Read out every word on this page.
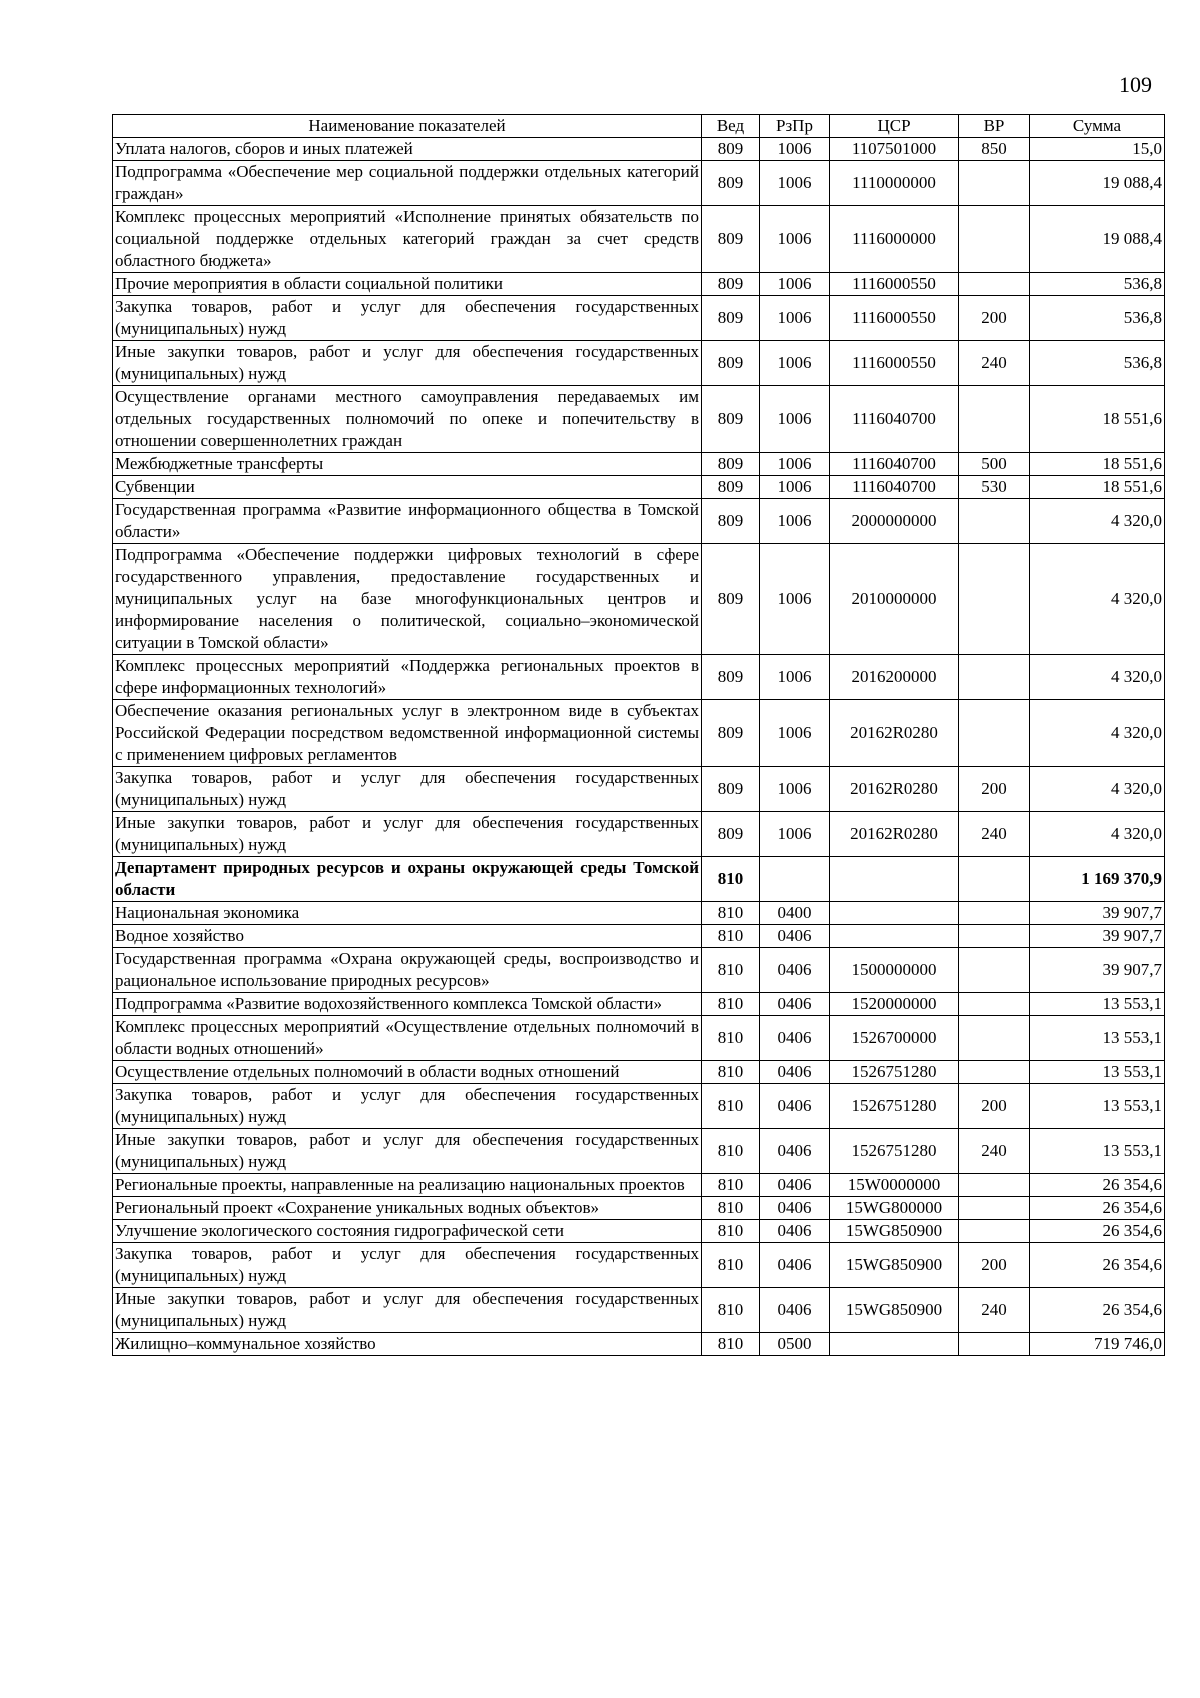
109
Наименование показателей	Вед	РзПр	ЦСР	ВР	Сумма
Уплата налогов, сборов и иных платежей	809	1006	1107501000	850	15,0
Подпрограмма «Обеспечение мер социальной поддержки отдельных категорий граждан»	809	1006	1110000000		19 088,4
Комплекс процессных мероприятий «Исполнение принятых обязательств по социальной поддержке отдельных категорий граждан за счет средств областного бюджета»	809	1006	1116000000		19 088,4
Прочие мероприятия в области социальной политики	809	1006	1116000550		536,8
Закупка товаров, работ и услуг для обеспечения государственных (муниципальных) нужд	809	1006	1116000550	200	536,8
Иные закупки товаров, работ и услуг для обеспечения государственных (муниципальных) нужд	809	1006	1116000550	240	536,8
Осуществление органами местного самоуправления передаваемых им отдельных государственных полномочий по опеке и попечительству в отношении совершеннолетних граждан	809	1006	1116040700		18 551,6
Межбюджетные трансферты	809	1006	1116040700	500	18 551,6
Субвенции	809	1006	1116040700	530	18 551,6
Государственная программа «Развитие информационного общества в Томской области»	809	1006	2000000000		4 320,0
Подпрограмма «Обеспечение поддержки цифровых технологий в сфере государственного управления, предоставление государственных и муниципальных услуг на базе многофункциональных центров и информирование населения о политической, социально–экономической ситуации в Томской области»	809	1006	2010000000		4 320,0
Комплекс процессных мероприятий «Поддержка региональных проектов в сфере информационных технологий»	809	1006	2016200000		4 320,0
Обеспечение оказания региональных услуг в электронном виде в субъектах Российской Федерации посредством ведомственной информационной системы с применением цифровых регламентов	809	1006	20162R0280		4 320,0
Закупка товаров, работ и услуг для обеспечения государственных (муниципальных) нужд	809	1006	20162R0280	200	4 320,0
Иные закупки товаров, работ и услуг для обеспечения государственных (муниципальных) нужд	809	1006	20162R0280	240	4 320,0
Департамент природных ресурсов и охраны окружающей среды Томской области	810				1 169 370,9
Национальная экономика	810	0400			39 907,7
Водное хозяйство	810	0406			39 907,7
Государственная программа «Охрана окружающей среды, воспроизводство и рациональное использование природных ресурсов»	810	0406	1500000000		39 907,7
Подпрограмма «Развитие водохозяйственного комплекса Томской области»	810	0406	1520000000		13 553,1
Комплекс процессных мероприятий «Осуществление отдельных полномочий в области водных отношений»	810	0406	1526700000		13 553,1
Осуществление отдельных полномочий в области водных отношений	810	0406	1526751280		13 553,1
Закупка товаров, работ и услуг для обеспечения государственных (муниципальных) нужд	810	0406	1526751280	200	13 553,1
Иные закупки товаров, работ и услуг для обеспечения государственных (муниципальных) нужд	810	0406	1526751280	240	13 553,1
Региональные проекты, направленные на реализацию национальных проектов	810	0406	15W0000000		26 354,6
Региональный проект «Сохранение уникальных водных объектов»	810	0406	15WG800000		26 354,6
Улучшение экологического состояния гидрографической сети	810	0406	15WG850900		26 354,6
Закупка товаров, работ и услуг для обеспечения государственных (муниципальных) нужд	810	0406	15WG850900	200	26 354,6
Иные закупки товаров, работ и услуг для обеспечения государственных (муниципальных) нужд	810	0406	15WG850900	240	26 354,6
Жилищно–коммунальное хозяйство	810	0500			719 746,0
